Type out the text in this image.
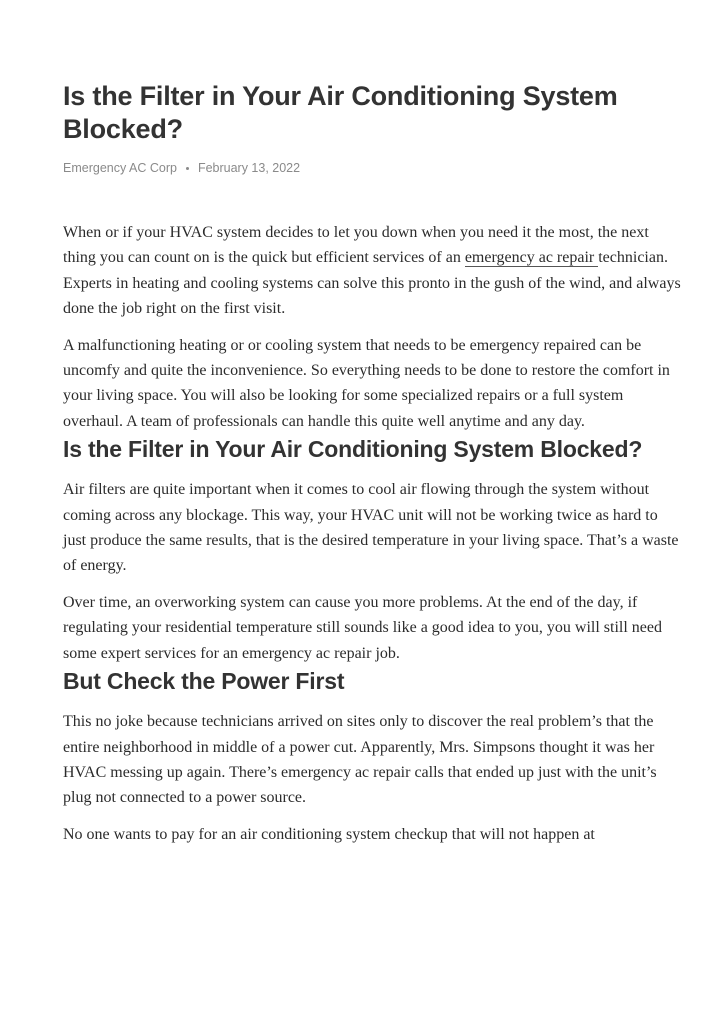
Is the Filter in Your Air Conditioning System Blocked?
Emergency AC Corp February 13, 2022

When or if your HVAC system decides to let you down when you need it the most, the next thing you can count on is the quick but efficient services of an emergency ac repair technician. Experts in heating and cooling systems can solve this pronto in the gush of the wind, and always done the job right on the first visit.

A malfunctioning heating or or cooling system that needs to be emergency repaired can be uncomfy and quite the inconvenience. So everything needs to be done to restore the comfort in your living space. You will also be looking for some specialized repairs or a full system overhaul. A team of professionals can handle this quite well anytime and any day.

Is the Filter in Your Air Conditioning System Blocked?

Air filters are quite important when it comes to cool air flowing through the system without coming across any blockage. This way, your HVAC unit will not be working twice as hard to just produce the same results, that is the desired temperature in your living space. That’s a waste of energy.

Over time, an overworking system can cause you more problems. At the end of the day, if regulating your residential temperature still sounds like a good idea to you, you will still need some expert services for an emergency ac repair job.

But Check the Power First

This no joke because technicians arrived on sites only to discover the real problem’s that the entire neighborhood in middle of a power cut. Apparently, Mrs. Simpsons thought it was her HVAC messing up again. There’s emergency ac repair calls that ended up just with the unit’s plug not connected to a power source.

No one wants to pay for an air conditioning system checkup that will not happen at
